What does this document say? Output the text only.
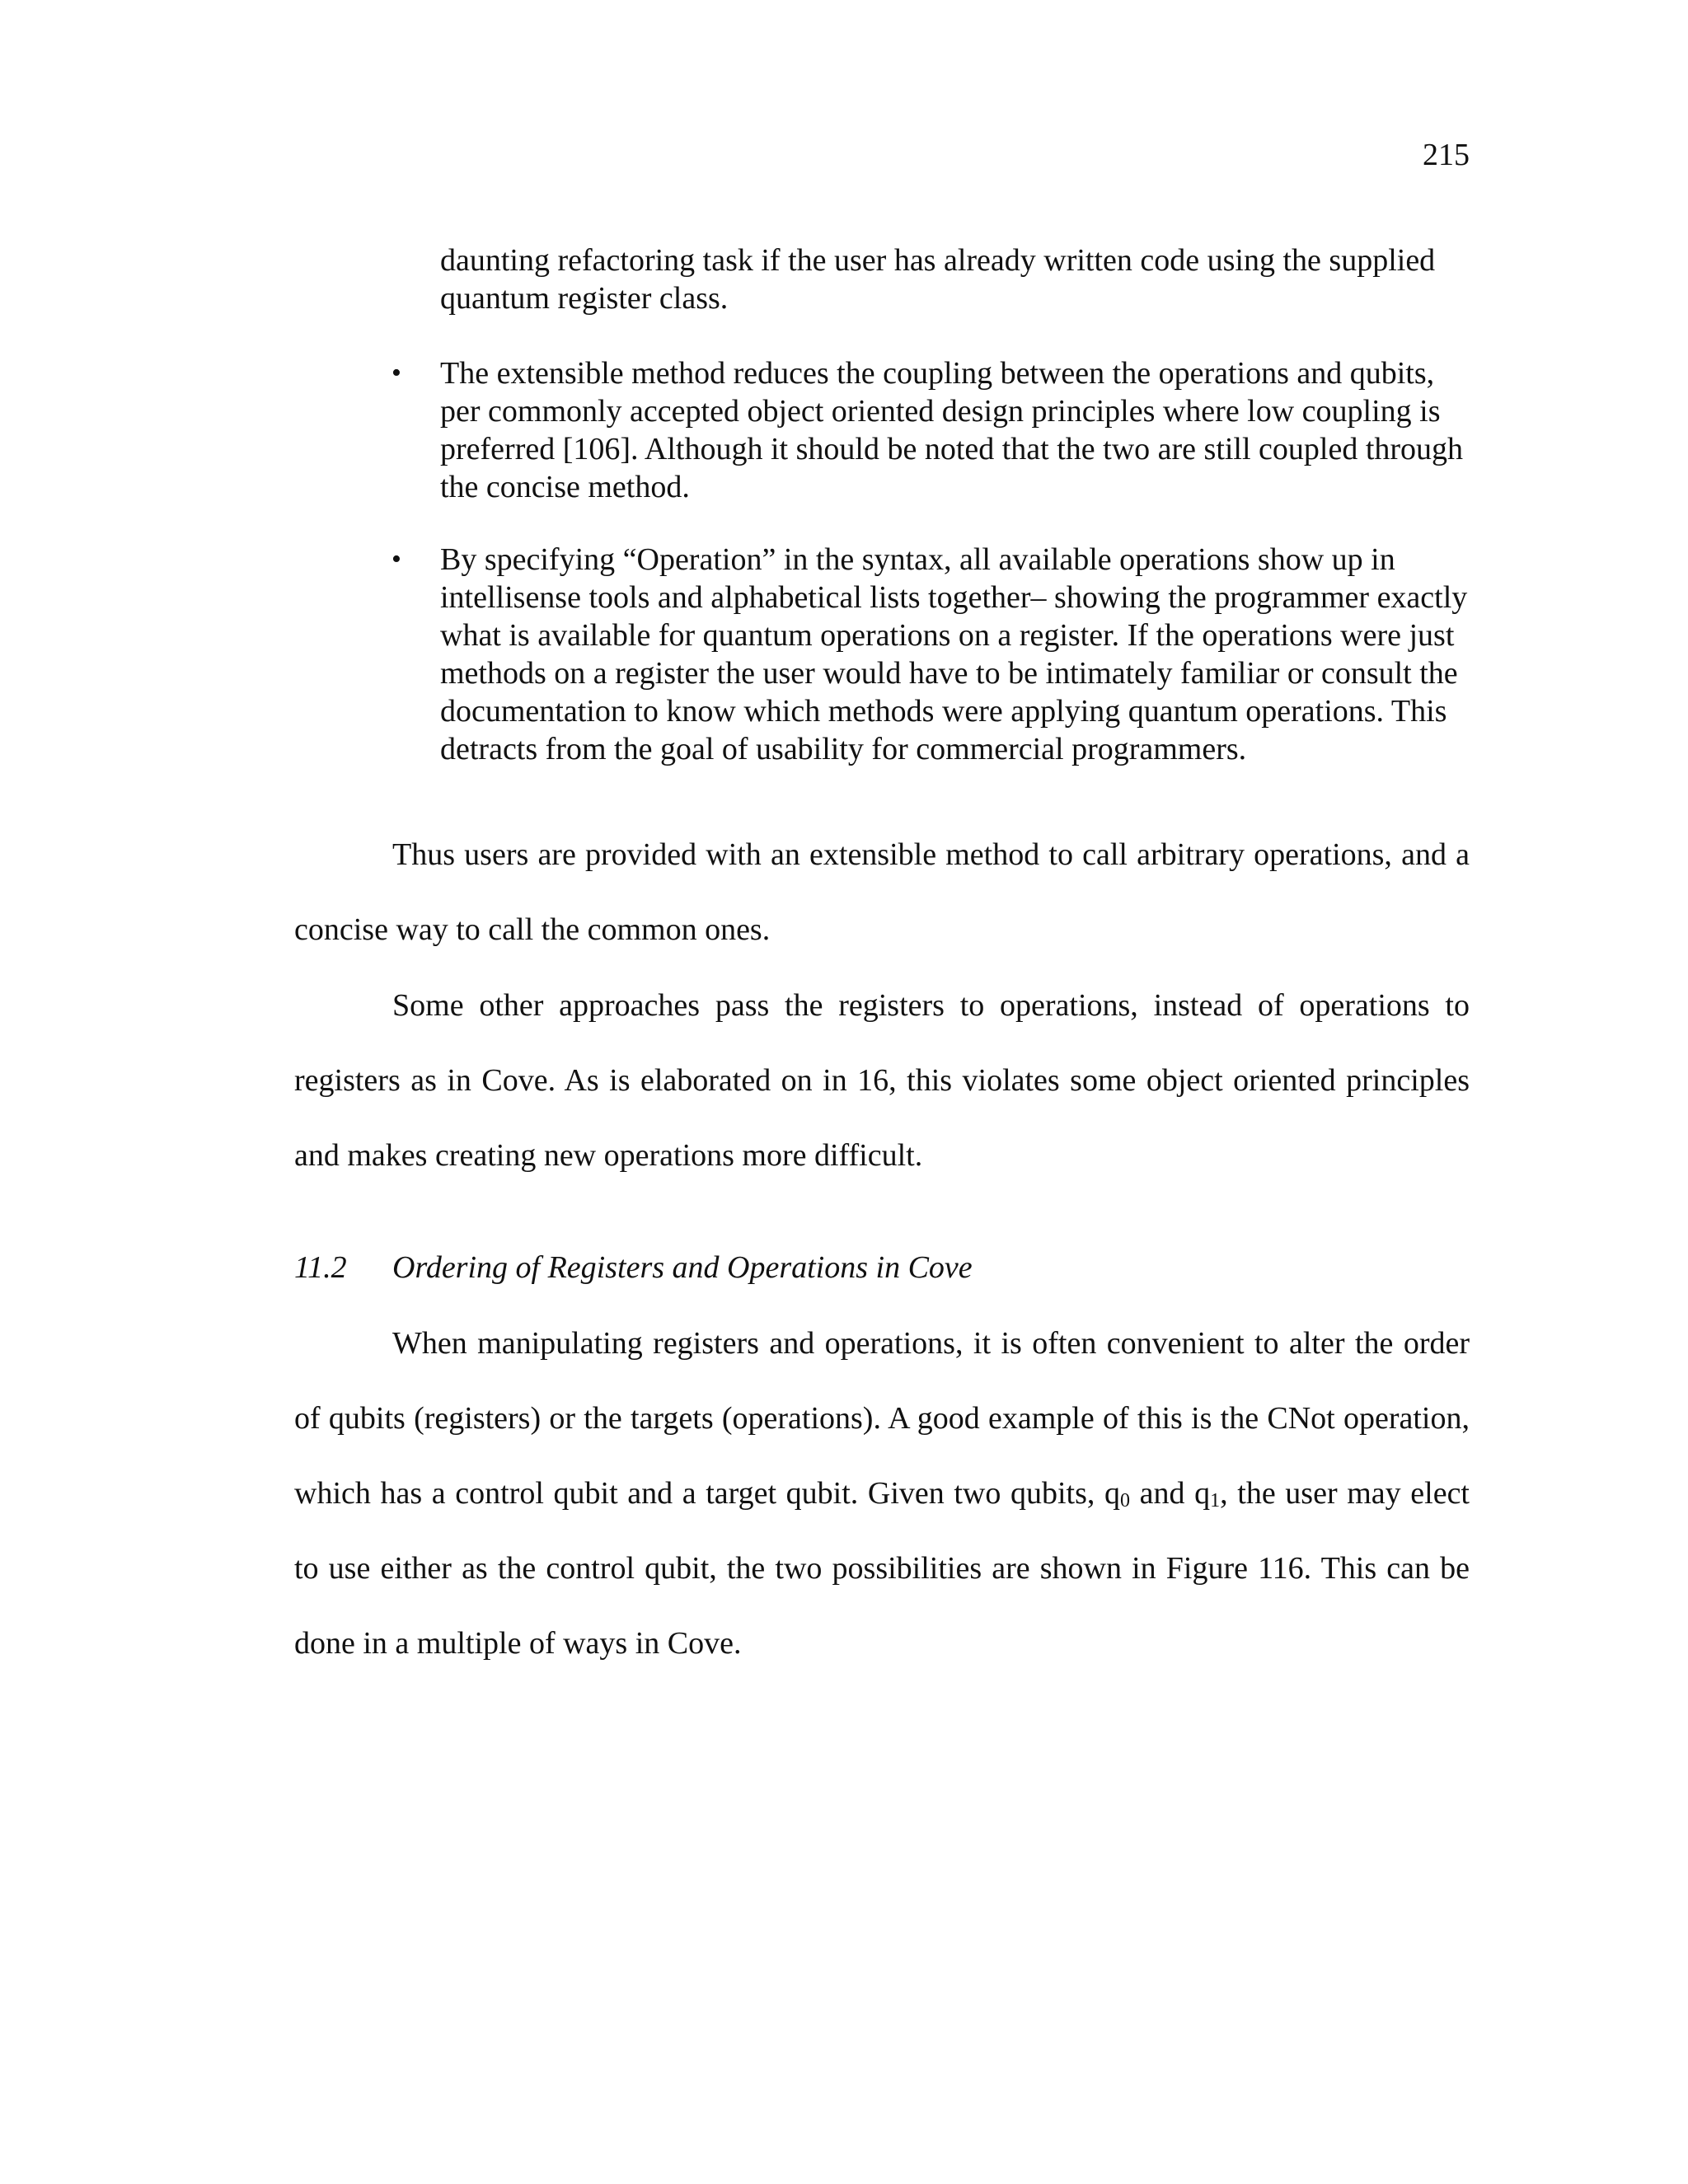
215
daunting refactoring task if the user has already written code using the supplied quantum register class.
• The extensible method reduces the coupling between the operations and qubits, per commonly accepted object oriented design principles where low coupling is preferred [106]. Although it should be noted that the two are still coupled through the concise method.
• By specifying “Operation” in the syntax, all available operations show up in intellisense tools and alphabetical lists together– showing the programmer exactly what is available for quantum operations on a register. If the operations were just methods on a register the user would have to be intimately familiar or consult the documentation to know which methods were applying quantum operations. This detracts from the goal of usability for commercial programmers.

Thus users are provided with an extensible method to call arbitrary operations, and a concise way to call the common ones.

Some other approaches pass the registers to operations, instead of operations to registers as in Cove. As is elaborated on in 16, this violates some object oriented principles and makes creating new operations more difficult.

11.2 Ordering of Registers and Operations in Cove

When manipulating registers and operations, it is often convenient to alter the order of qubits (registers) or the targets (operations). A good example of this is the CNot operation, which has a control qubit and a target qubit. Given two qubits, $q_0$ and $q_1$, the user may elect to use either as the control qubit, the two possibilities are shown in Figure 116. This can be done in a multiple of ways in Cove.
